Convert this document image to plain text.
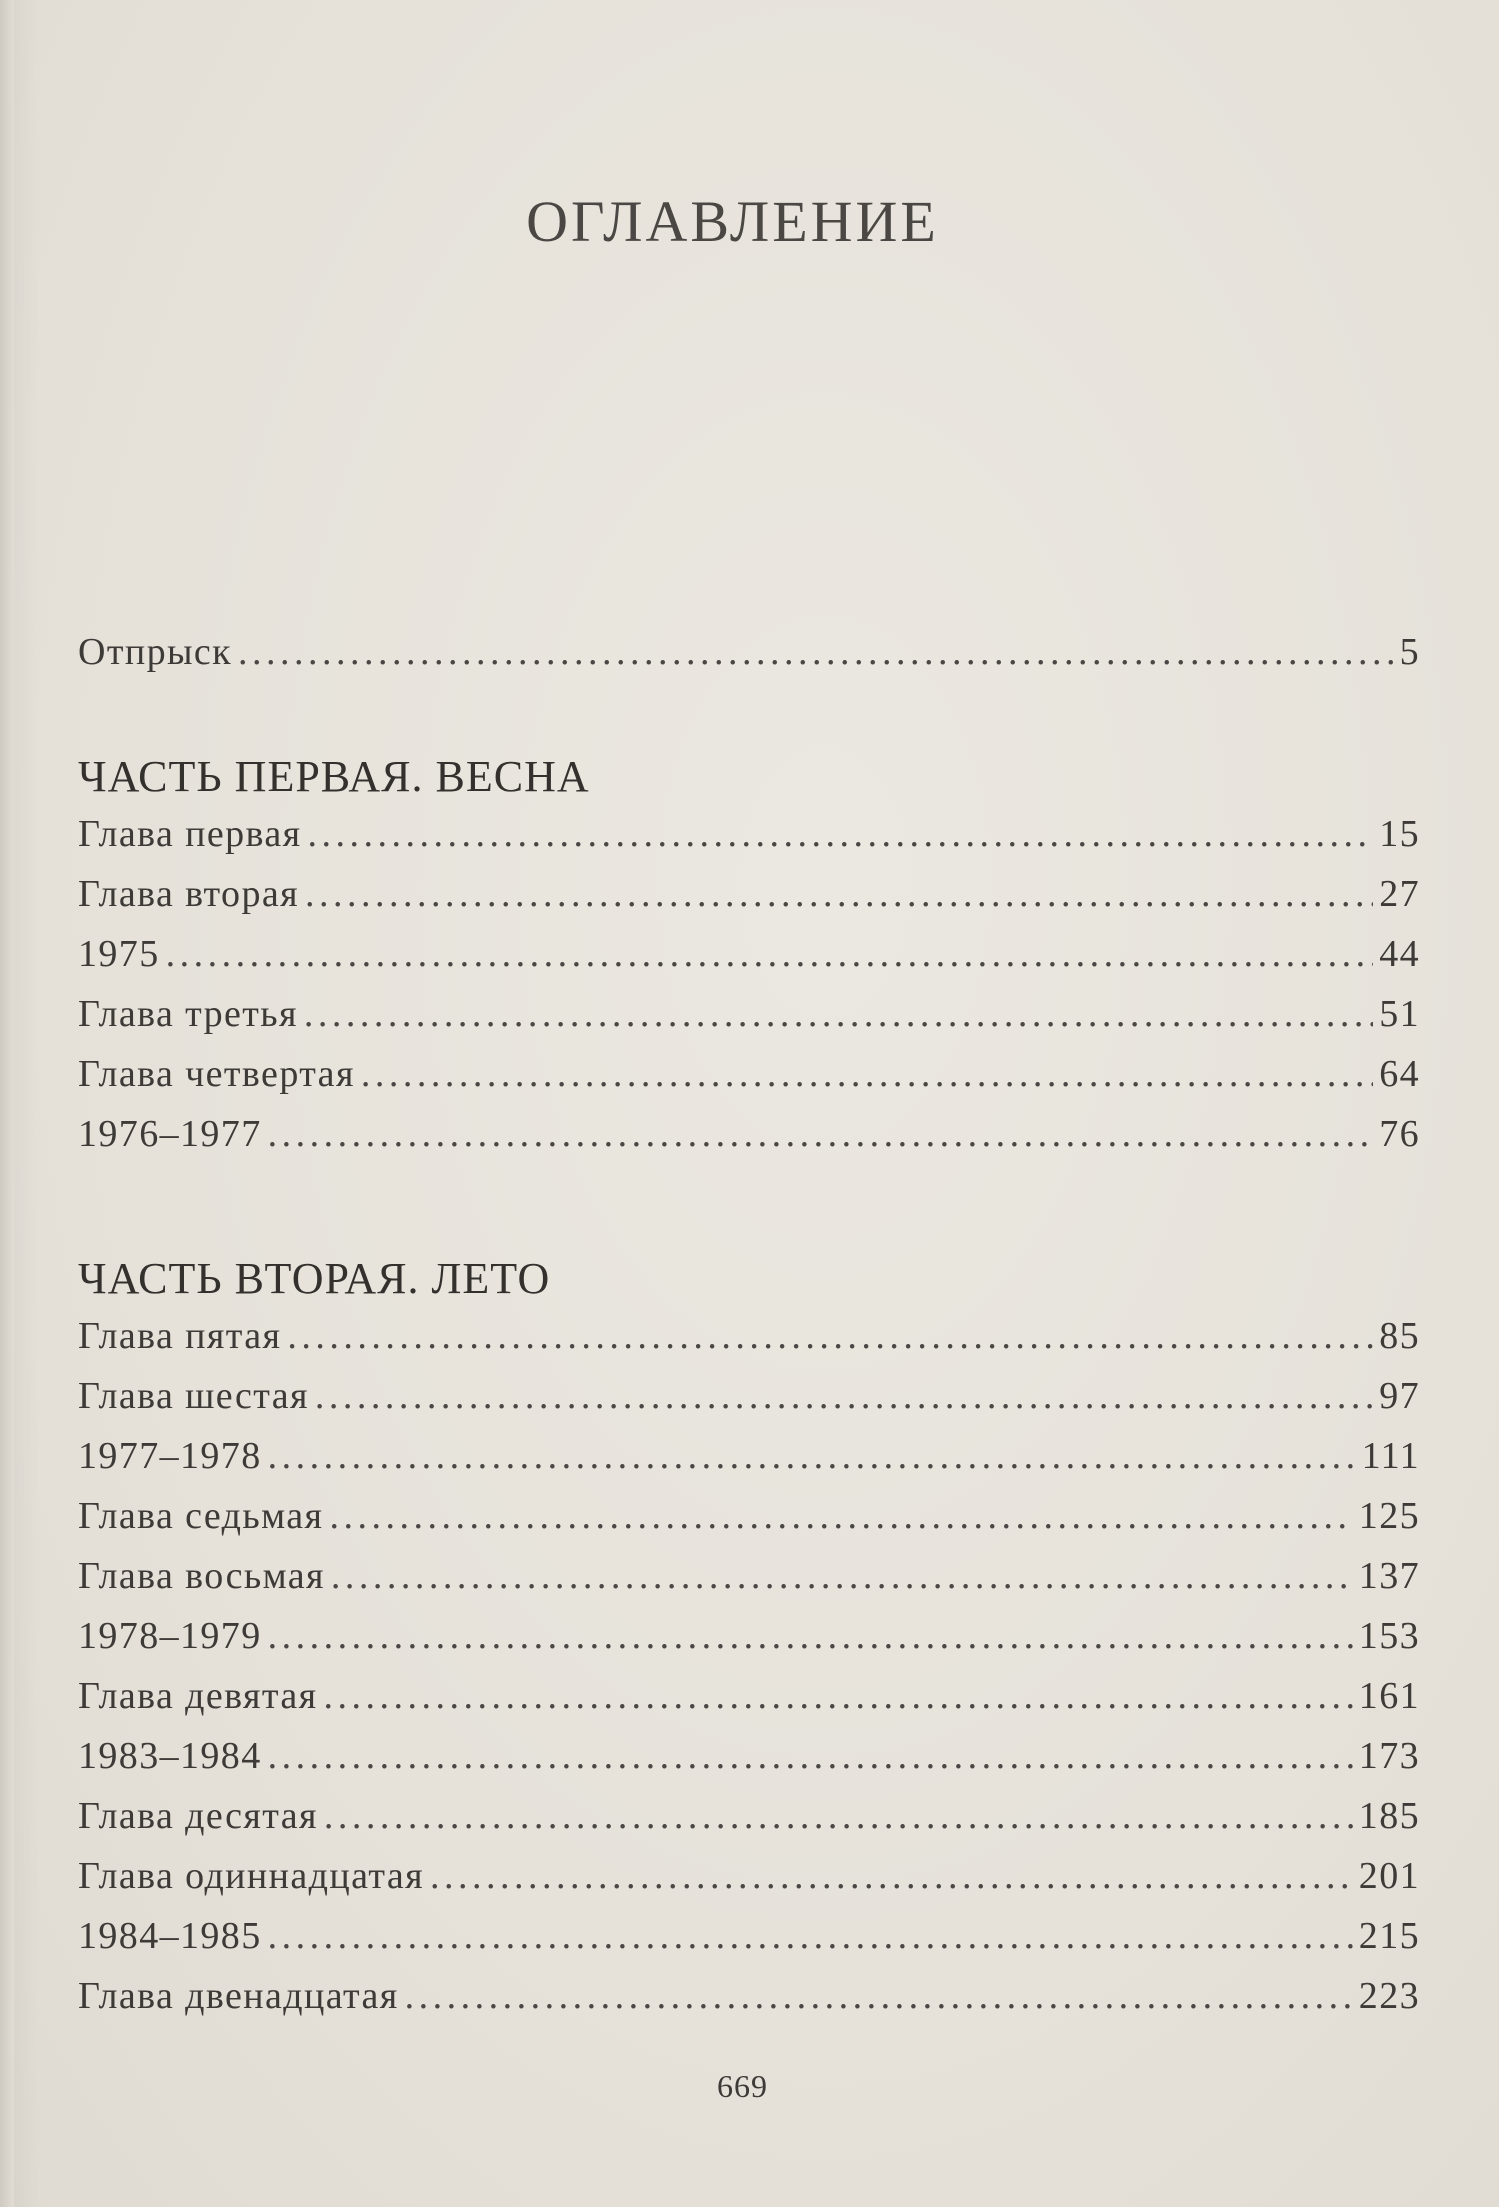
ОГЛАВЛЕНИЕ
Отпрыск .....	5
ЧАСТЬ ПЕРВАЯ. ВЕСНА
Глава первая .....	15
Глава вторая .....	27
1975 .....	44
Глава третья .....	51
Глава четвертая .....	64
1976–1977 .....	76
ЧАСТЬ ВТОРАЯ. ЛЕТО
Глава пятая .....	85
Глава шестая .....	97
1977–1978 .....	111
Глава седьмая .....	125
Глава восьмая .....	137
1978–1979 .....	153
Глава девятая .....	161
1983–1984 .....	173
Глава десятая .....	185
Глава одиннадцатая .....	201
1984–1985 .....	215
Глава двенадцатая .....	223
669
